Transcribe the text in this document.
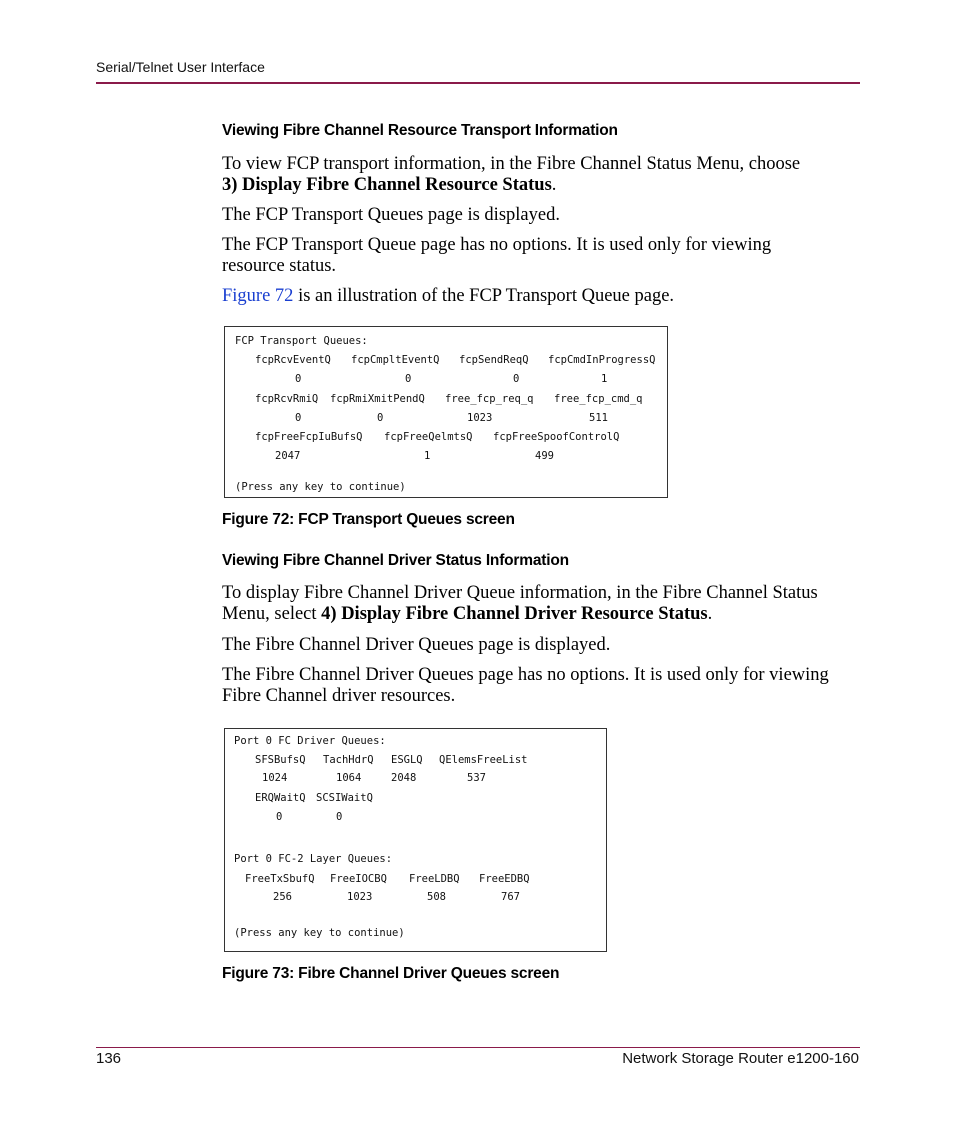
Serial/Telnet User Interface
Viewing Fibre Channel Resource Transport Information
To view FCP transport information, in the Fibre Channel Status Menu, choose
3) Display Fibre Channel Resource Status.
The FCP Transport Queues page is displayed.
The FCP Transport Queue page has no options. It is used only for viewing
resource status.
Figure 72 is an illustration of the FCP Transport Queue page.
FCP Transport Queues:
fcpRcvEventQ fcpCmpltEventQ fcpSendReqQ fcpCmdInProgressQ
0	0	0	1
fcpRcvRmiQ fcpRmiXmitPendQ free_fcp_req_q free_fcp_cmd_q
0	0	1023	511
fcpFreeFcpIuBufsQ fcpFreeQelmtsQ fcpFreeSpoofControlQ
2047	1	499
(Press any key to continue)
Figure 72: FCP Transport Queues screen
Viewing Fibre Channel Driver Status Information
To display Fibre Channel Driver Queue information, in the Fibre Channel Status
Menu, select 4) Display Fibre Channel Driver Resource Status.
The Fibre Channel Driver Queues page is displayed.
The Fibre Channel Driver Queues page has no options. It is used only for viewing
Fibre Channel driver resources.
Port 0 FC Driver Queues:
SFSBufsQ TachHdrQ ESGLQ QElemsFreeList
1024	1064	2048	537
ERQWaitQ SCSIWaitQ
0	0
Port 0 FC-2 Layer Queues:
FreeTxSbufQ FreeIOCBQ FreeLDBQ FreeEDBQ
256	1023	508	767
(Press any key to continue)
Figure 73: Fibre Channel Driver Queues screen
136	Network Storage Router e1200-160
